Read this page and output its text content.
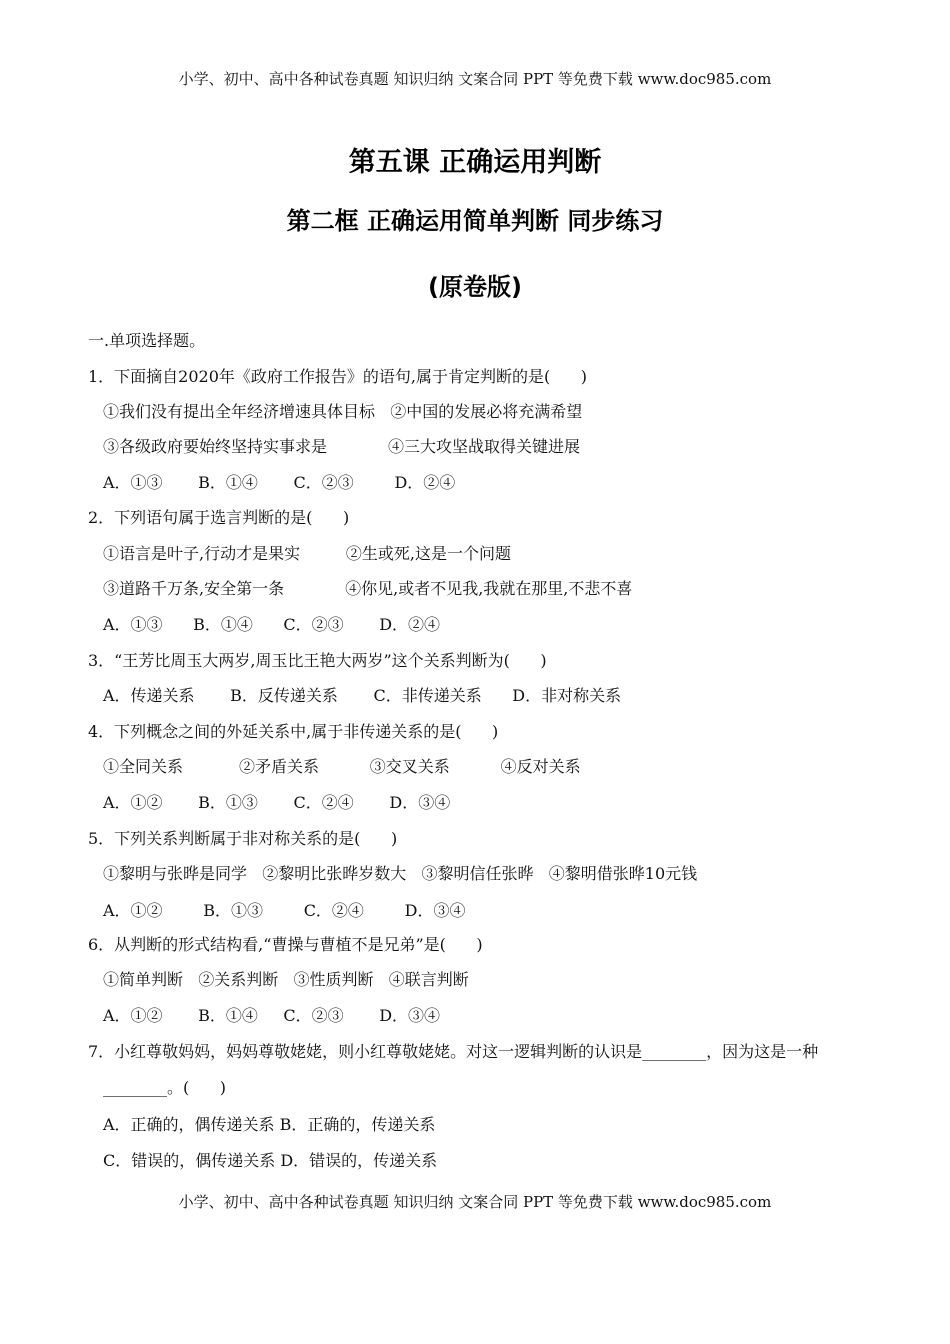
小学、初中、高中各种试卷真题 知识归纳 文案合同 PPT 等免费下载 www.doc985.com
第五课 正确运用判断
第二框 正确运用简单判断 同步练习
(原卷版)
一.单项选择题。
1．下面摘自2020年《政府工作报告》的语句,属于肯定判断的是(      )
①我们没有提出全年经济增速具体目标   ②中国的发展必将充满希望
③各级政府要始终坚持实事求是            ④三大攻坚战取得关键进展
A．①③       B．①④       C．②③        D．②④
2．下列语句属于选言判断的是(      )
①语言是叶子,行动才是果实         ②生或死,这是一个问题
③道路千万条,安全第一条            ④你见,或者不见我,我就在那里,不悲不喜
A．①③      B．①④      C．②③       D．②④
3．“王芳比周玉大两岁,周玉比王艳大两岁”这个关系判断为(      )
A．传递关系       B．反传递关系       C．非传递关系      D．非对称关系
4．下列概念之间的外延关系中,属于非传递关系的是(      )
①全同关系           ②矛盾关系          ③交叉关系          ④反对关系
A．①②       B．①③       C．②④       D．③④
5．下列关系判断属于非对称关系的是(      )
①黎明与张晔是同学   ②黎明比张晔岁数大   ③黎明信任张晔   ④黎明借张晔10元钱
A．①②        B．①③        C．②④        D．③④
6．从判断的形式结构看,“曹操与曹植不是兄弟”是(      )
①简单判断   ②关系判断   ③性质判断   ④联言判断
A．①②       B．①④     C．②③       D．③④
7．小红尊敬妈妈，妈妈尊敬姥姥，则小红尊敬姥姥。对这一逻辑判断的认识是________，因为这是一种
________。(      )
A．正确的，偶传递关系 B．正确的，传递关系
C．错误的，偶传递关系 D．错误的，传递关系
小学、初中、高中各种试卷真题 知识归纳 文案合同 PPT 等免费下载 www.doc985.com
